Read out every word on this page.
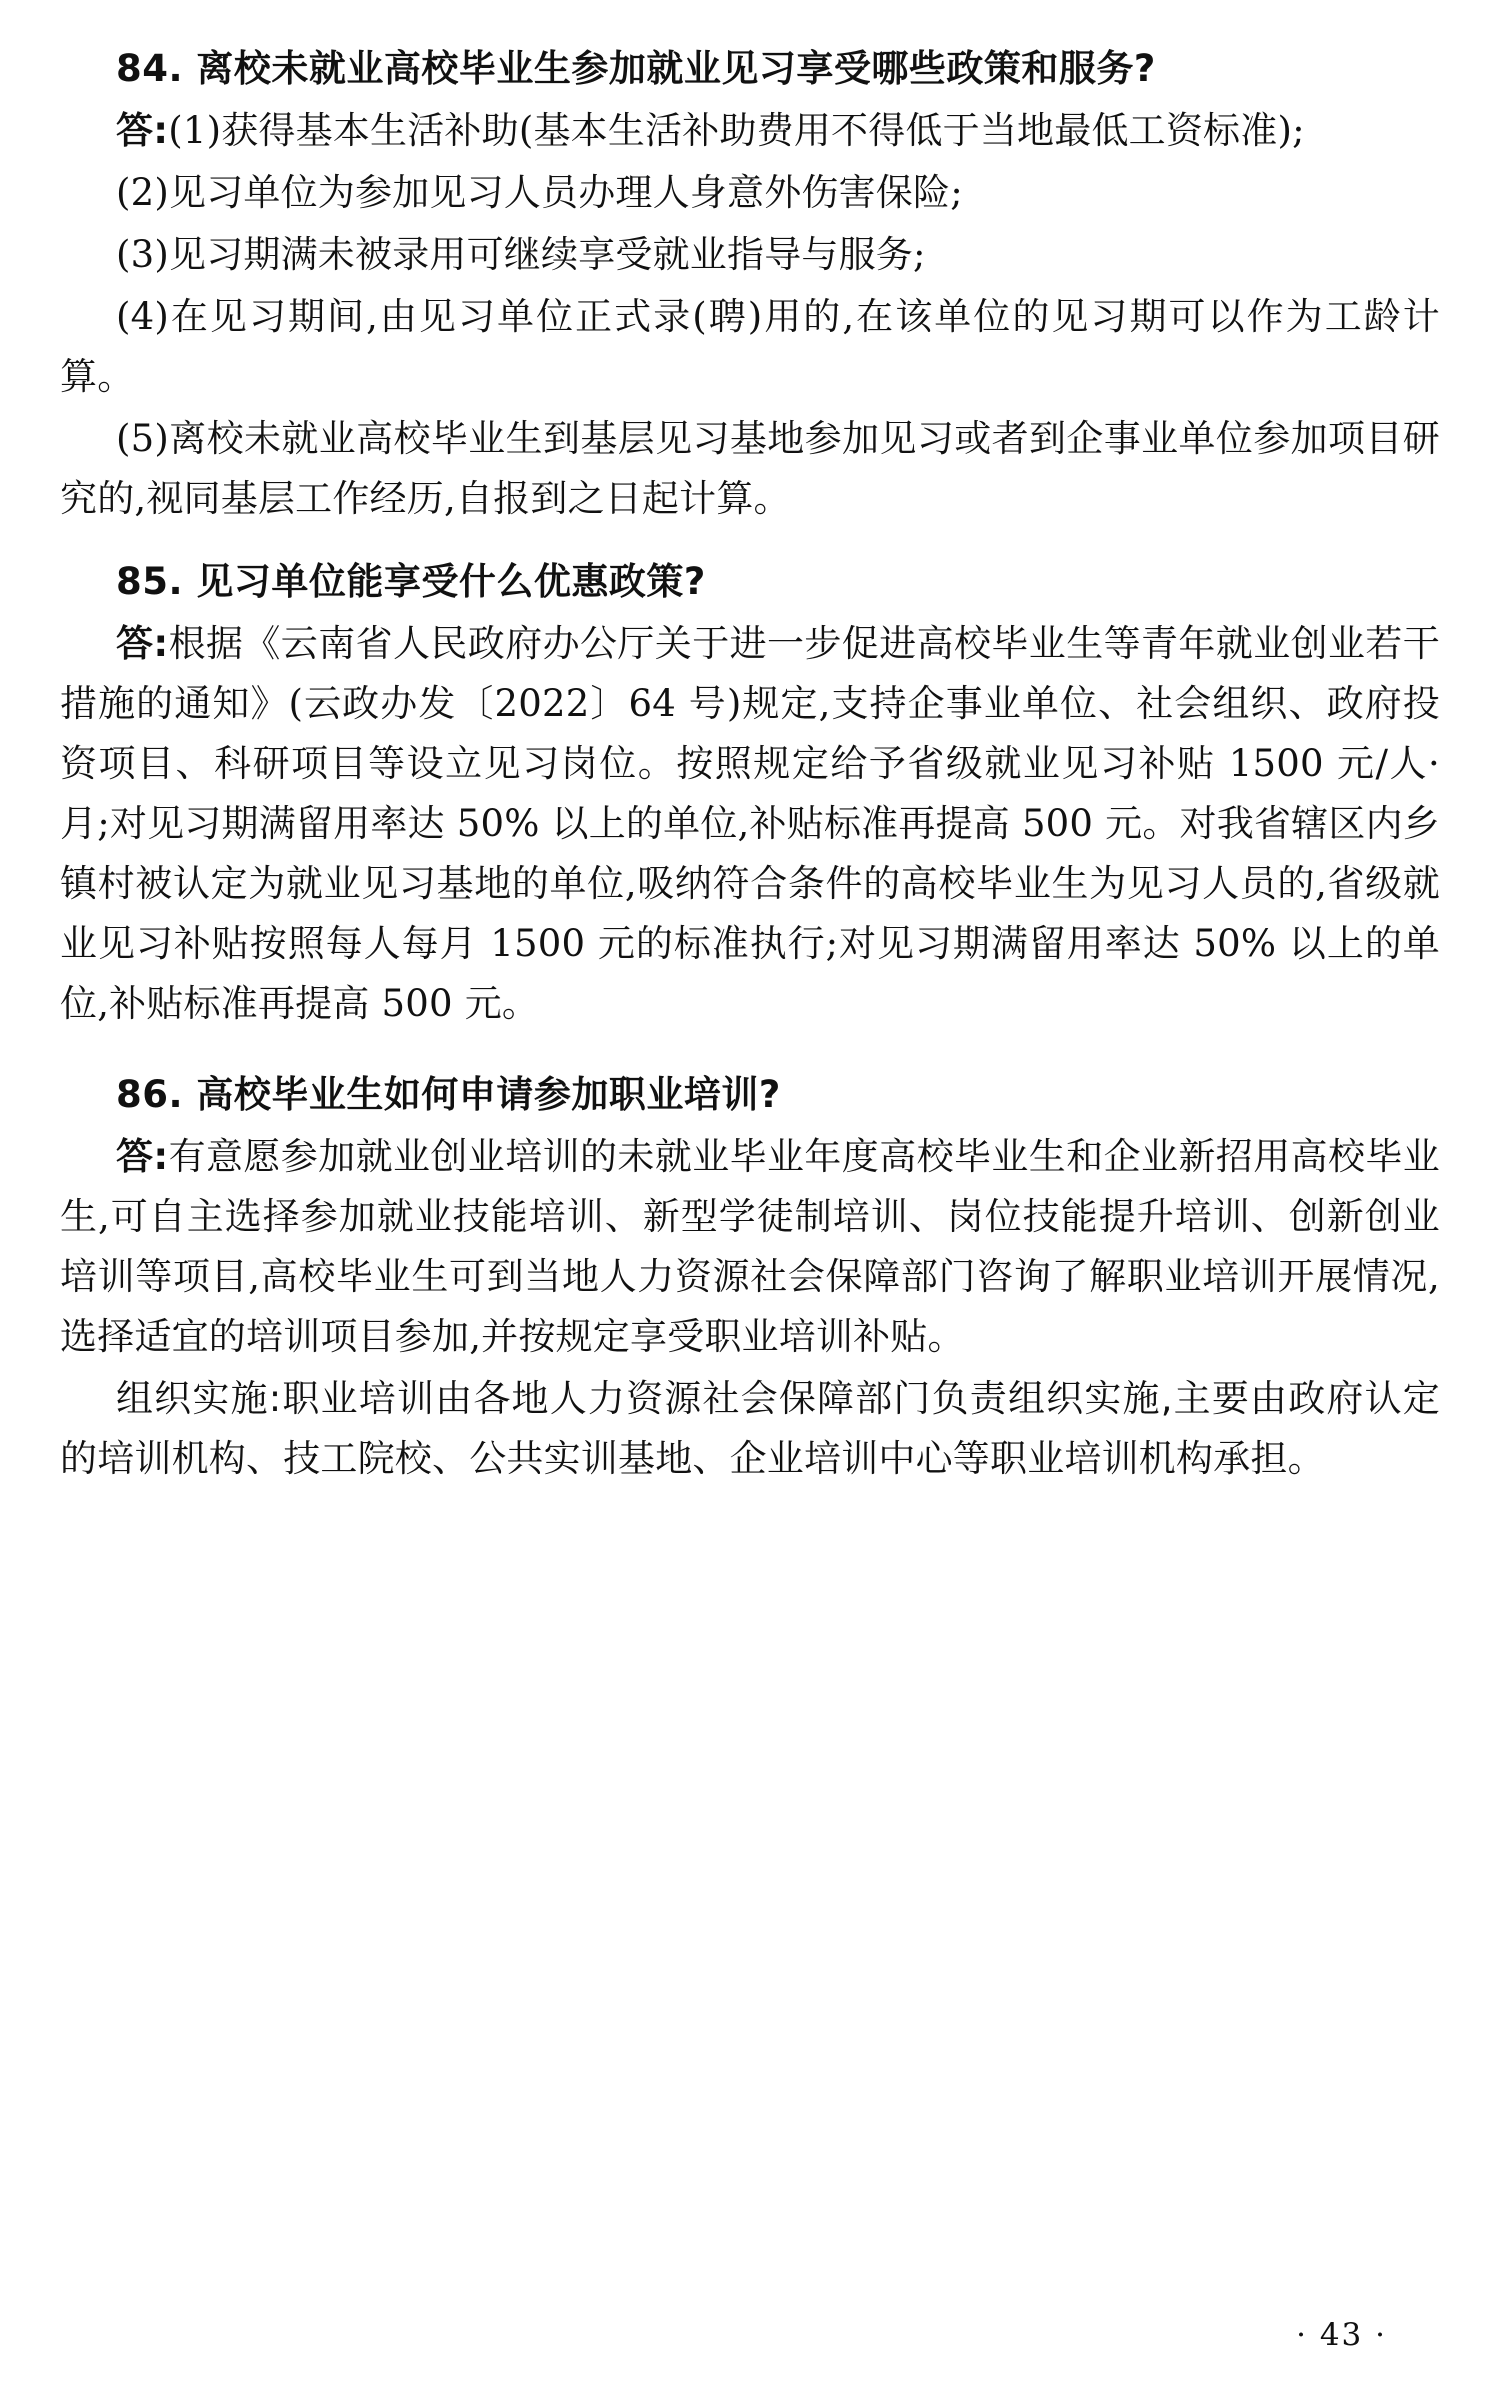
84. 离校未就业高校毕业生参加就业见习享受哪些政策和服务?

答:(1)获得基本生活补助(基本生活补助费用不得低于当地最低工资标准);

(2)见习单位为参加见习人员办理人身意外伤害保险;

(3)见习期满未被录用可继续享受就业指导与服务;

(4)在见习期间,由见习单位正式录(聘)用的,在该单位的见习期可以作为工龄计算。

(5)离校未就业高校毕业生到基层见习基地参加见习或者到企事业单位参加项目研究的,视同基层工作经历,自报到之日起计算。

85. 见习单位能享受什么优惠政策?

答:根据《云南省人民政府办公厅关于进一步促进高校毕业生等青年就业创业若干措施的通知》(云政办发〔2022〕64 号)规定,支持企事业单位、社会组织、政府投资项目、科研项目等设立见习岗位。按照规定给予省级就业见习补贴 1500 元/人·月;对见习期满留用率达 50% 以上的单位,补贴标准再提高 500 元。对我省辖区内乡镇村被认定为就业见习基地的单位,吸纳符合条件的高校毕业生为见习人员的,省级就业见习补贴按照每人每月 1500 元的标准执行;对见习期满留用率达 50% 以上的单位,补贴标准再提高 500 元。

86. 高校毕业生如何申请参加职业培训?

答:有意愿参加就业创业培训的未就业毕业年度高校毕业生和企业新招用高校毕业生,可自主选择参加就业技能培训、新型学徒制培训、岗位技能提升培训、创新创业培训等项目,高校毕业生可到当地人力资源社会保障部门咨询了解职业培训开展情况,选择适宜的培训项目参加,并按规定享受职业培训补贴。

组织实施:职业培训由各地人力资源社会保障部门负责组织实施,主要由政府认定的培训机构、技工院校、公共实训基地、企业培训中心等职业培训机构承担。

· 43 ·
